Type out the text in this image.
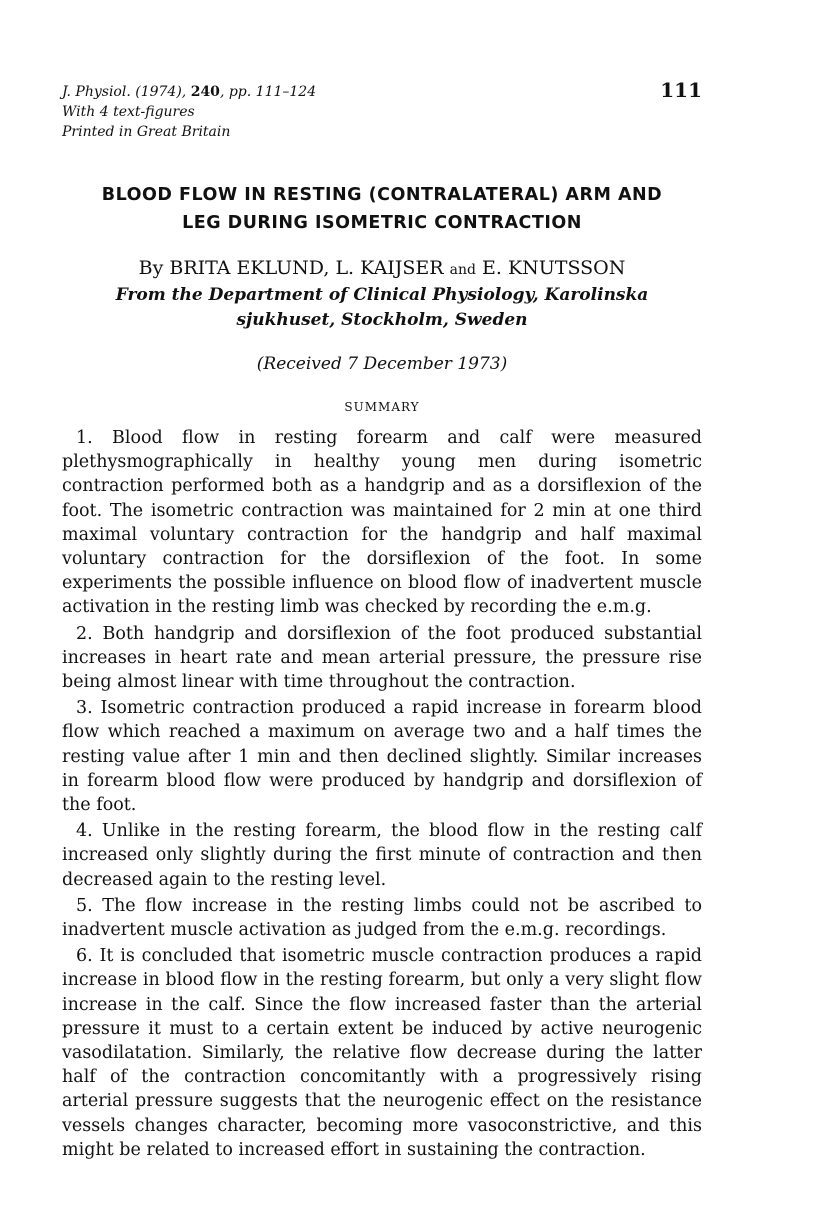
J. Physiol. (1974), 240, pp. 111–124
With 4 text-figures
Printed in Great Britain
111
BLOOD FLOW IN RESTING (CONTRALATERAL) ARM AND
LEG DURING ISOMETRIC CONTRACTION
By BRITA EKLUND, L. KAIJSER and E. KNUTSSON
From the Department of Clinical Physiology, Karolinska
sjukhuset, Stockholm, Sweden
(Received 7 December 1973)
SUMMARY

1. Blood flow in resting forearm and calf were measured plethysmographically in healthy young men during isometric contraction performed both as a handgrip and as a dorsiflexion of the foot. The isometric contraction was maintained for 2 min at one third maximal voluntary contraction for the handgrip and half maximal voluntary contraction for the dorsiflexion of the foot. In some experiments the possible influence on blood flow of inadvertent muscle activation in the resting limb was checked by recording the e.m.g.

2. Both handgrip and dorsiflexion of the foot produced substantial increases in heart rate and mean arterial pressure, the pressure rise being almost linear with time throughout the contraction.

3. Isometric contraction produced a rapid increase in forearm blood flow which reached a maximum on average two and a half times the resting value after 1 min and then declined slightly. Similar increases in forearm blood flow were produced by handgrip and dorsiflexion of the foot.

4. Unlike in the resting forearm, the blood flow in the resting calf increased only slightly during the first minute of contraction and then decreased again to the resting level.

5. The flow increase in the resting limbs could not be ascribed to inadvertent muscle activation as judged from the e.m.g. recordings.

6. It is concluded that isometric muscle contraction produces a rapid increase in blood flow in the resting forearm, but only a very slight flow increase in the calf. Since the flow increased faster than the arterial pressure it must to a certain extent be induced by active neurogenic vasodilatation. Similarly, the relative flow decrease during the latter half of the contraction concomitantly with a progressively rising arterial pressure suggests that the neurogenic effect on the resistance vessels changes character, becoming more vasoconstrictive, and this might be related to increased effort in sustaining the contraction.
